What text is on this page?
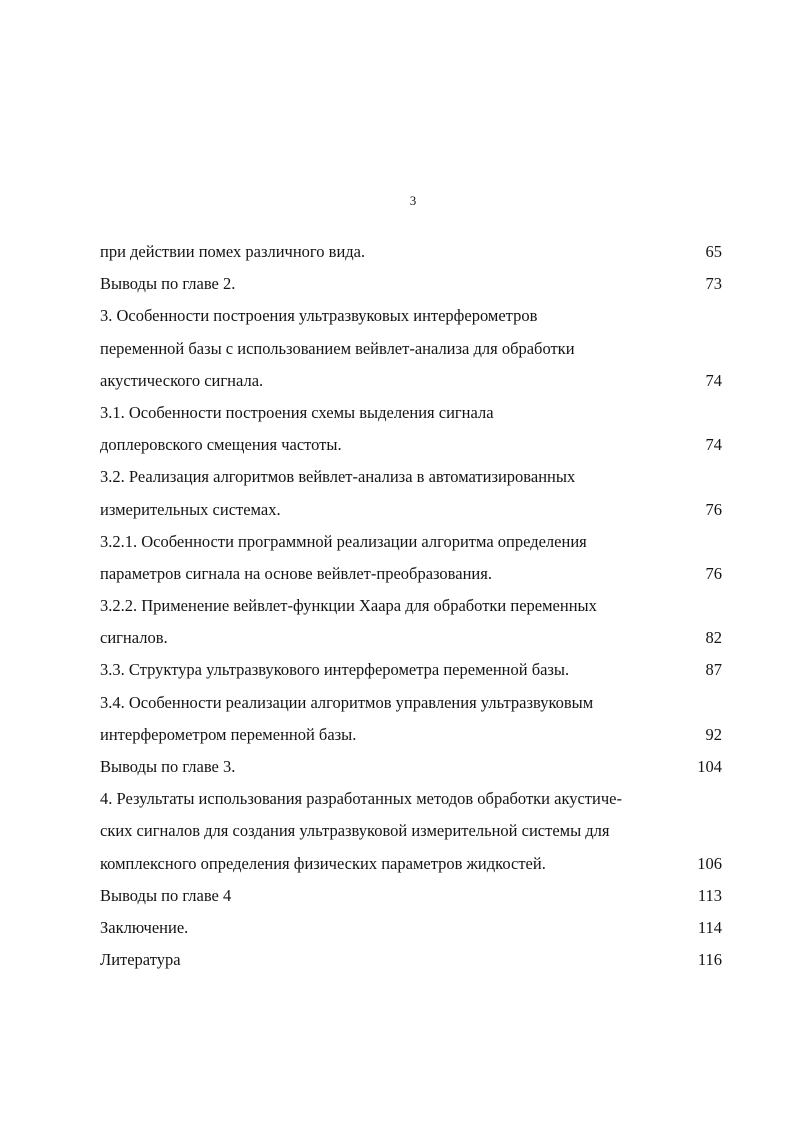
3
при действии помех различного вида.	65
Выводы по главе 2.	73
3. Особенности построения ультразвуковых интерферометров
переменной базы с использованием вейвлет-анализа для обработки
акустического сигнала.	74
3.1. Особенности построения схемы выделения сигнала
доплеровского смещения частоты.	74
3.2. Реализация алгоритмов вейвлет-анализа в автоматизированных
измерительных системах.	76
3.2.1. Особенности программной реализации алгоритма определения
параметров сигнала на основе вейвлет-преобразования.	76
3.2.2. Применение вейвлет-функции Хаара для обработки переменных
сигналов.	82
3.3. Структура ультразвукового интерферометра переменной базы.	87
3.4. Особенности реализации алгоритмов управления ультразвуковым
интерферометром переменной базы.	92
Выводы по главе 3.	104
4. Результаты использования разработанных методов обработки акустиче-
ских сигналов для создания ультразвуковой измерительной системы для
комплексного определения физических параметров жидкостей.	106
Выводы по главе 4	113
Заключение.	114
Литература	116
